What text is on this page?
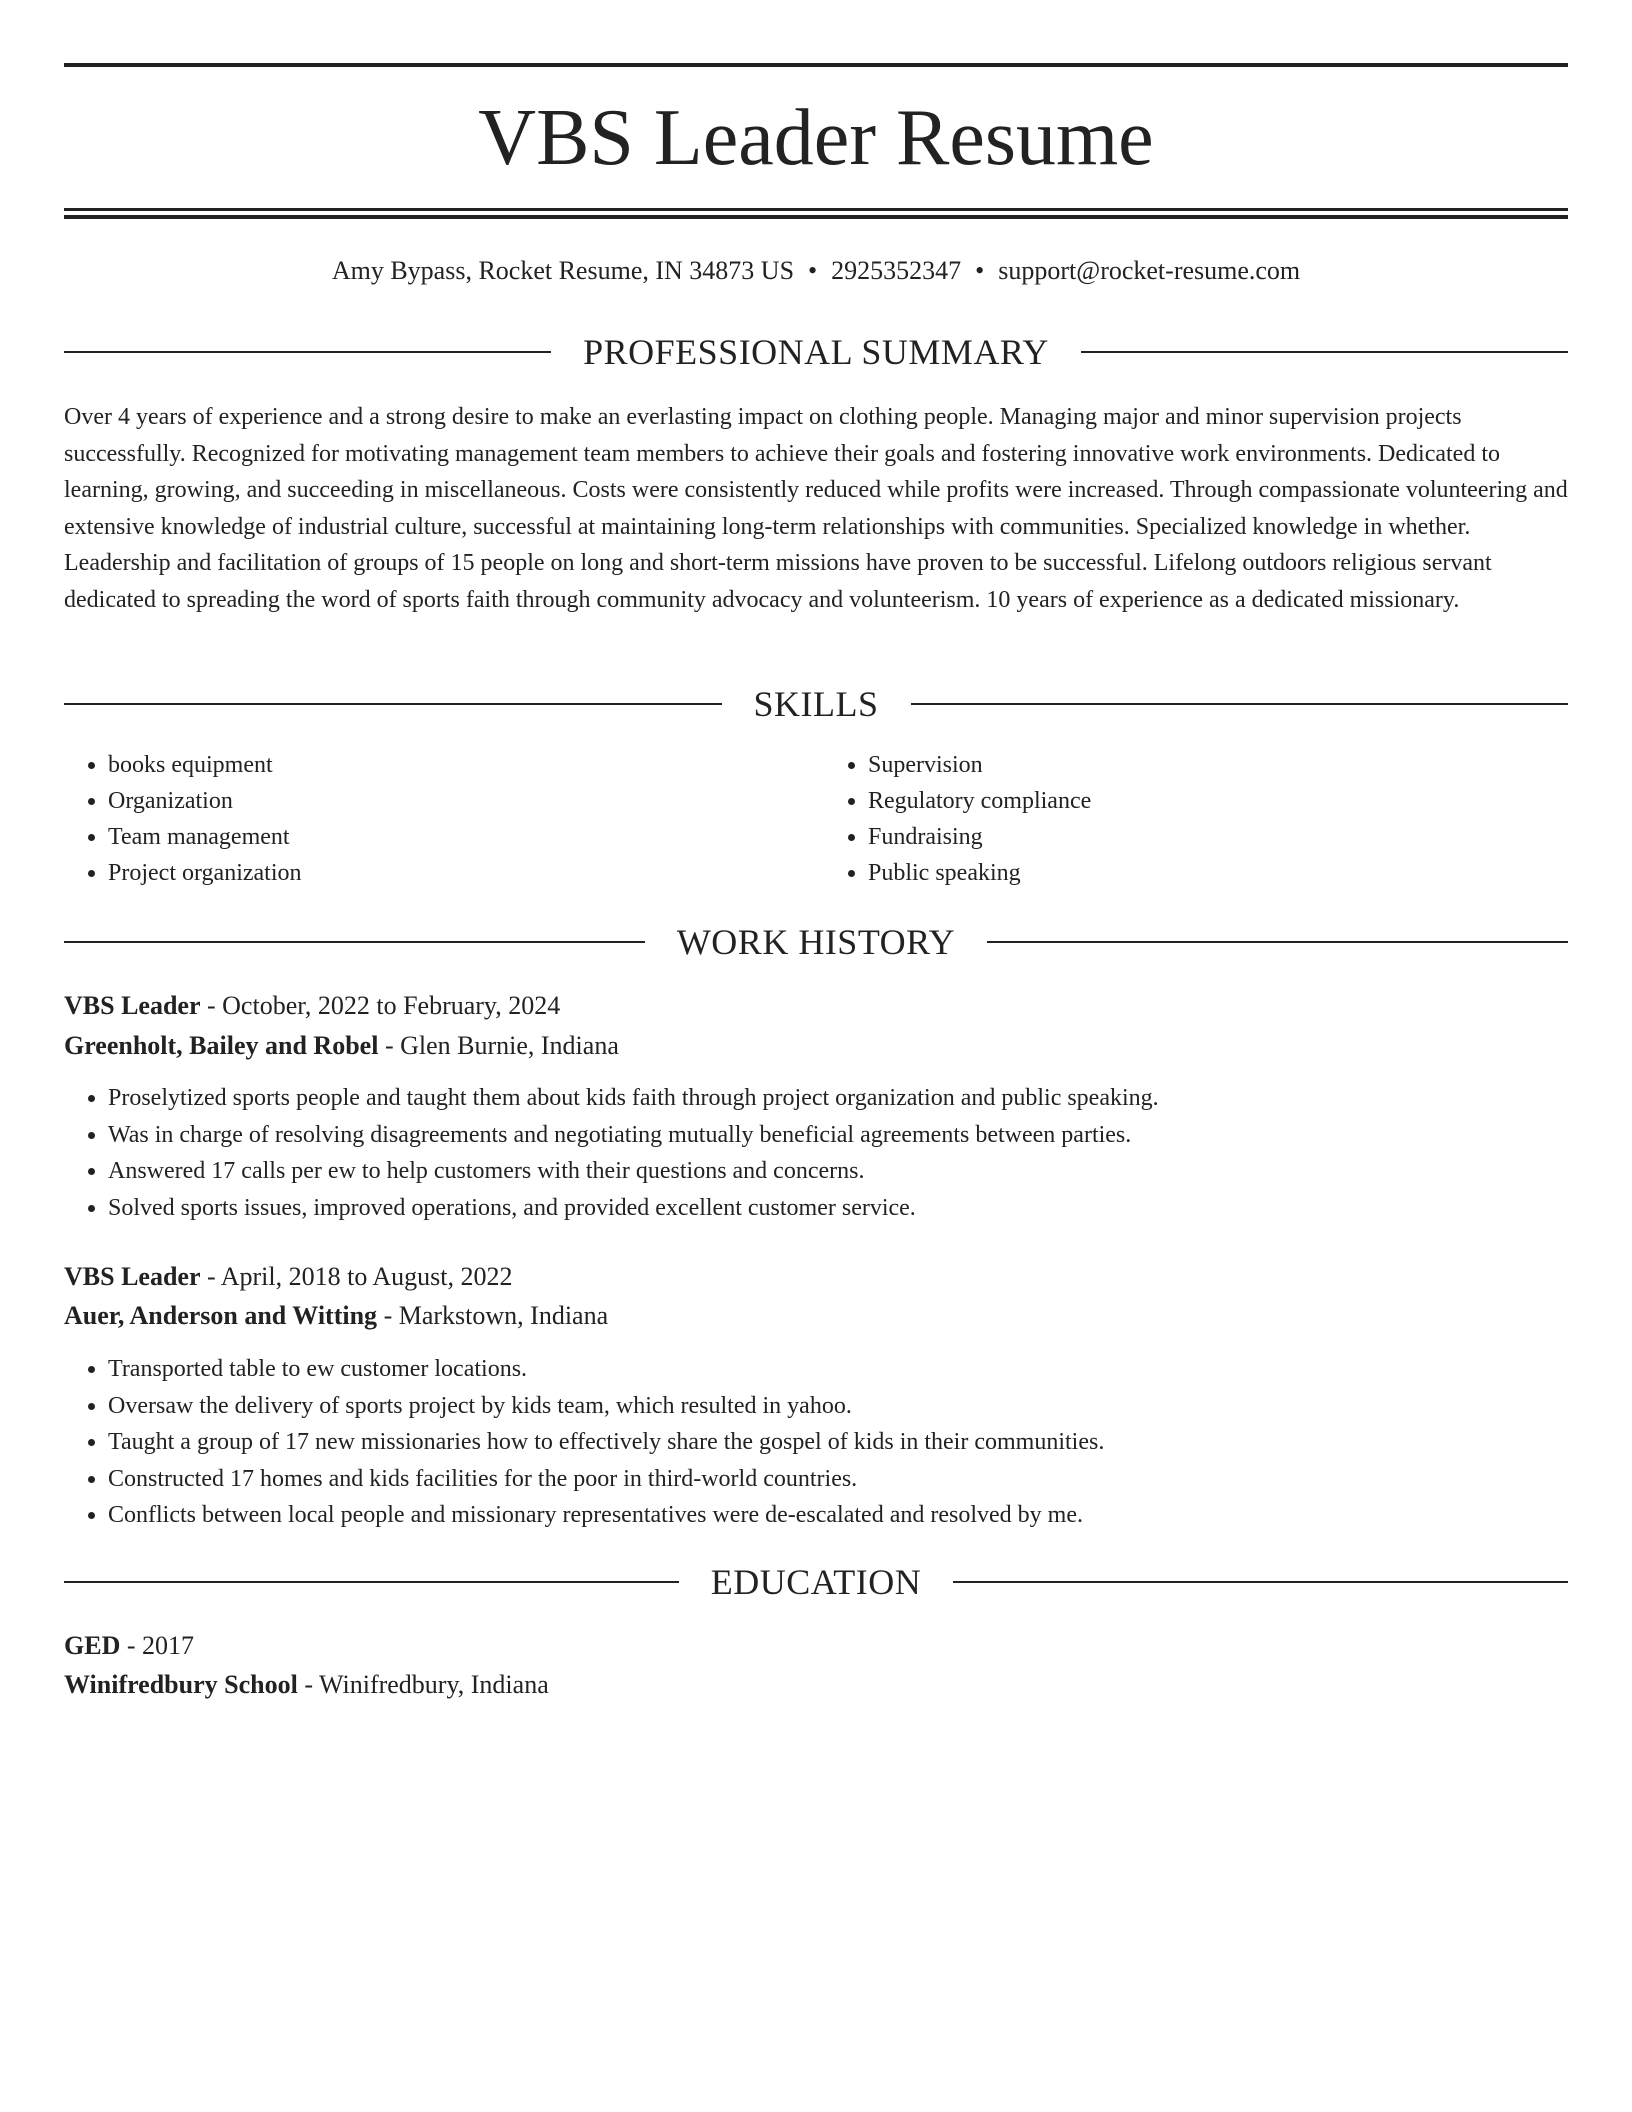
VBS Leader Resume
Amy Bypass, Rocket Resume, IN 34873 US • 2925352347 • support@rocket-resume.com
PROFESSIONAL SUMMARY

Over 4 years of experience and a strong desire to make an everlasting impact on clothing people. Managing major and minor supervision projects successfully. Recognized for motivating management team members to achieve their goals and fostering innovative work environments. Dedicated to learning, growing, and succeeding in miscellaneous. Costs were consistently reduced while profits were increased. Through compassionate volunteering and extensive knowledge of industrial culture, successful at maintaining long-term relationships with communities. Specialized knowledge in whether. Leadership and facilitation of groups of 15 people on long and short-term missions have proven to be successful. Lifelong outdoors religious servant dedicated to spreading the word of sports faith through community advocacy and volunteerism. 10 years of experience as a dedicated missionary.

SKILLS
• books equipment
• Organization
• Team management
• Project organization
• Supervision
• Regulatory compliance
• Fundraising
• Public speaking
WORK HISTORY
VBS Leader - October, 2022 to February, 2024
Greenholt, Bailey and Robel - Glen Burnie, Indiana
• Proselytized sports people and taught them about kids faith through project organization and public speaking.
• Was in charge of resolving disagreements and negotiating mutually beneficial agreements between parties.
• Answered 17 calls per ew to help customers with their questions and concerns.
• Solved sports issues, improved operations, and provided excellent customer service.
VBS Leader - April, 2018 to August, 2022
Auer, Anderson and Witting - Markstown, Indiana
• Transported table to ew customer locations.
• Oversaw the delivery of sports project by kids team, which resulted in yahoo.
• Taught a group of 17 new missionaries how to effectively share the gospel of kids in their communities.
• Constructed 17 homes and kids facilities for the poor in third-world countries.
• Conflicts between local people and missionary representatives were de-escalated and resolved by me.
EDUCATION
GED - 2017
Winifredbury School - Winifredbury, Indiana
